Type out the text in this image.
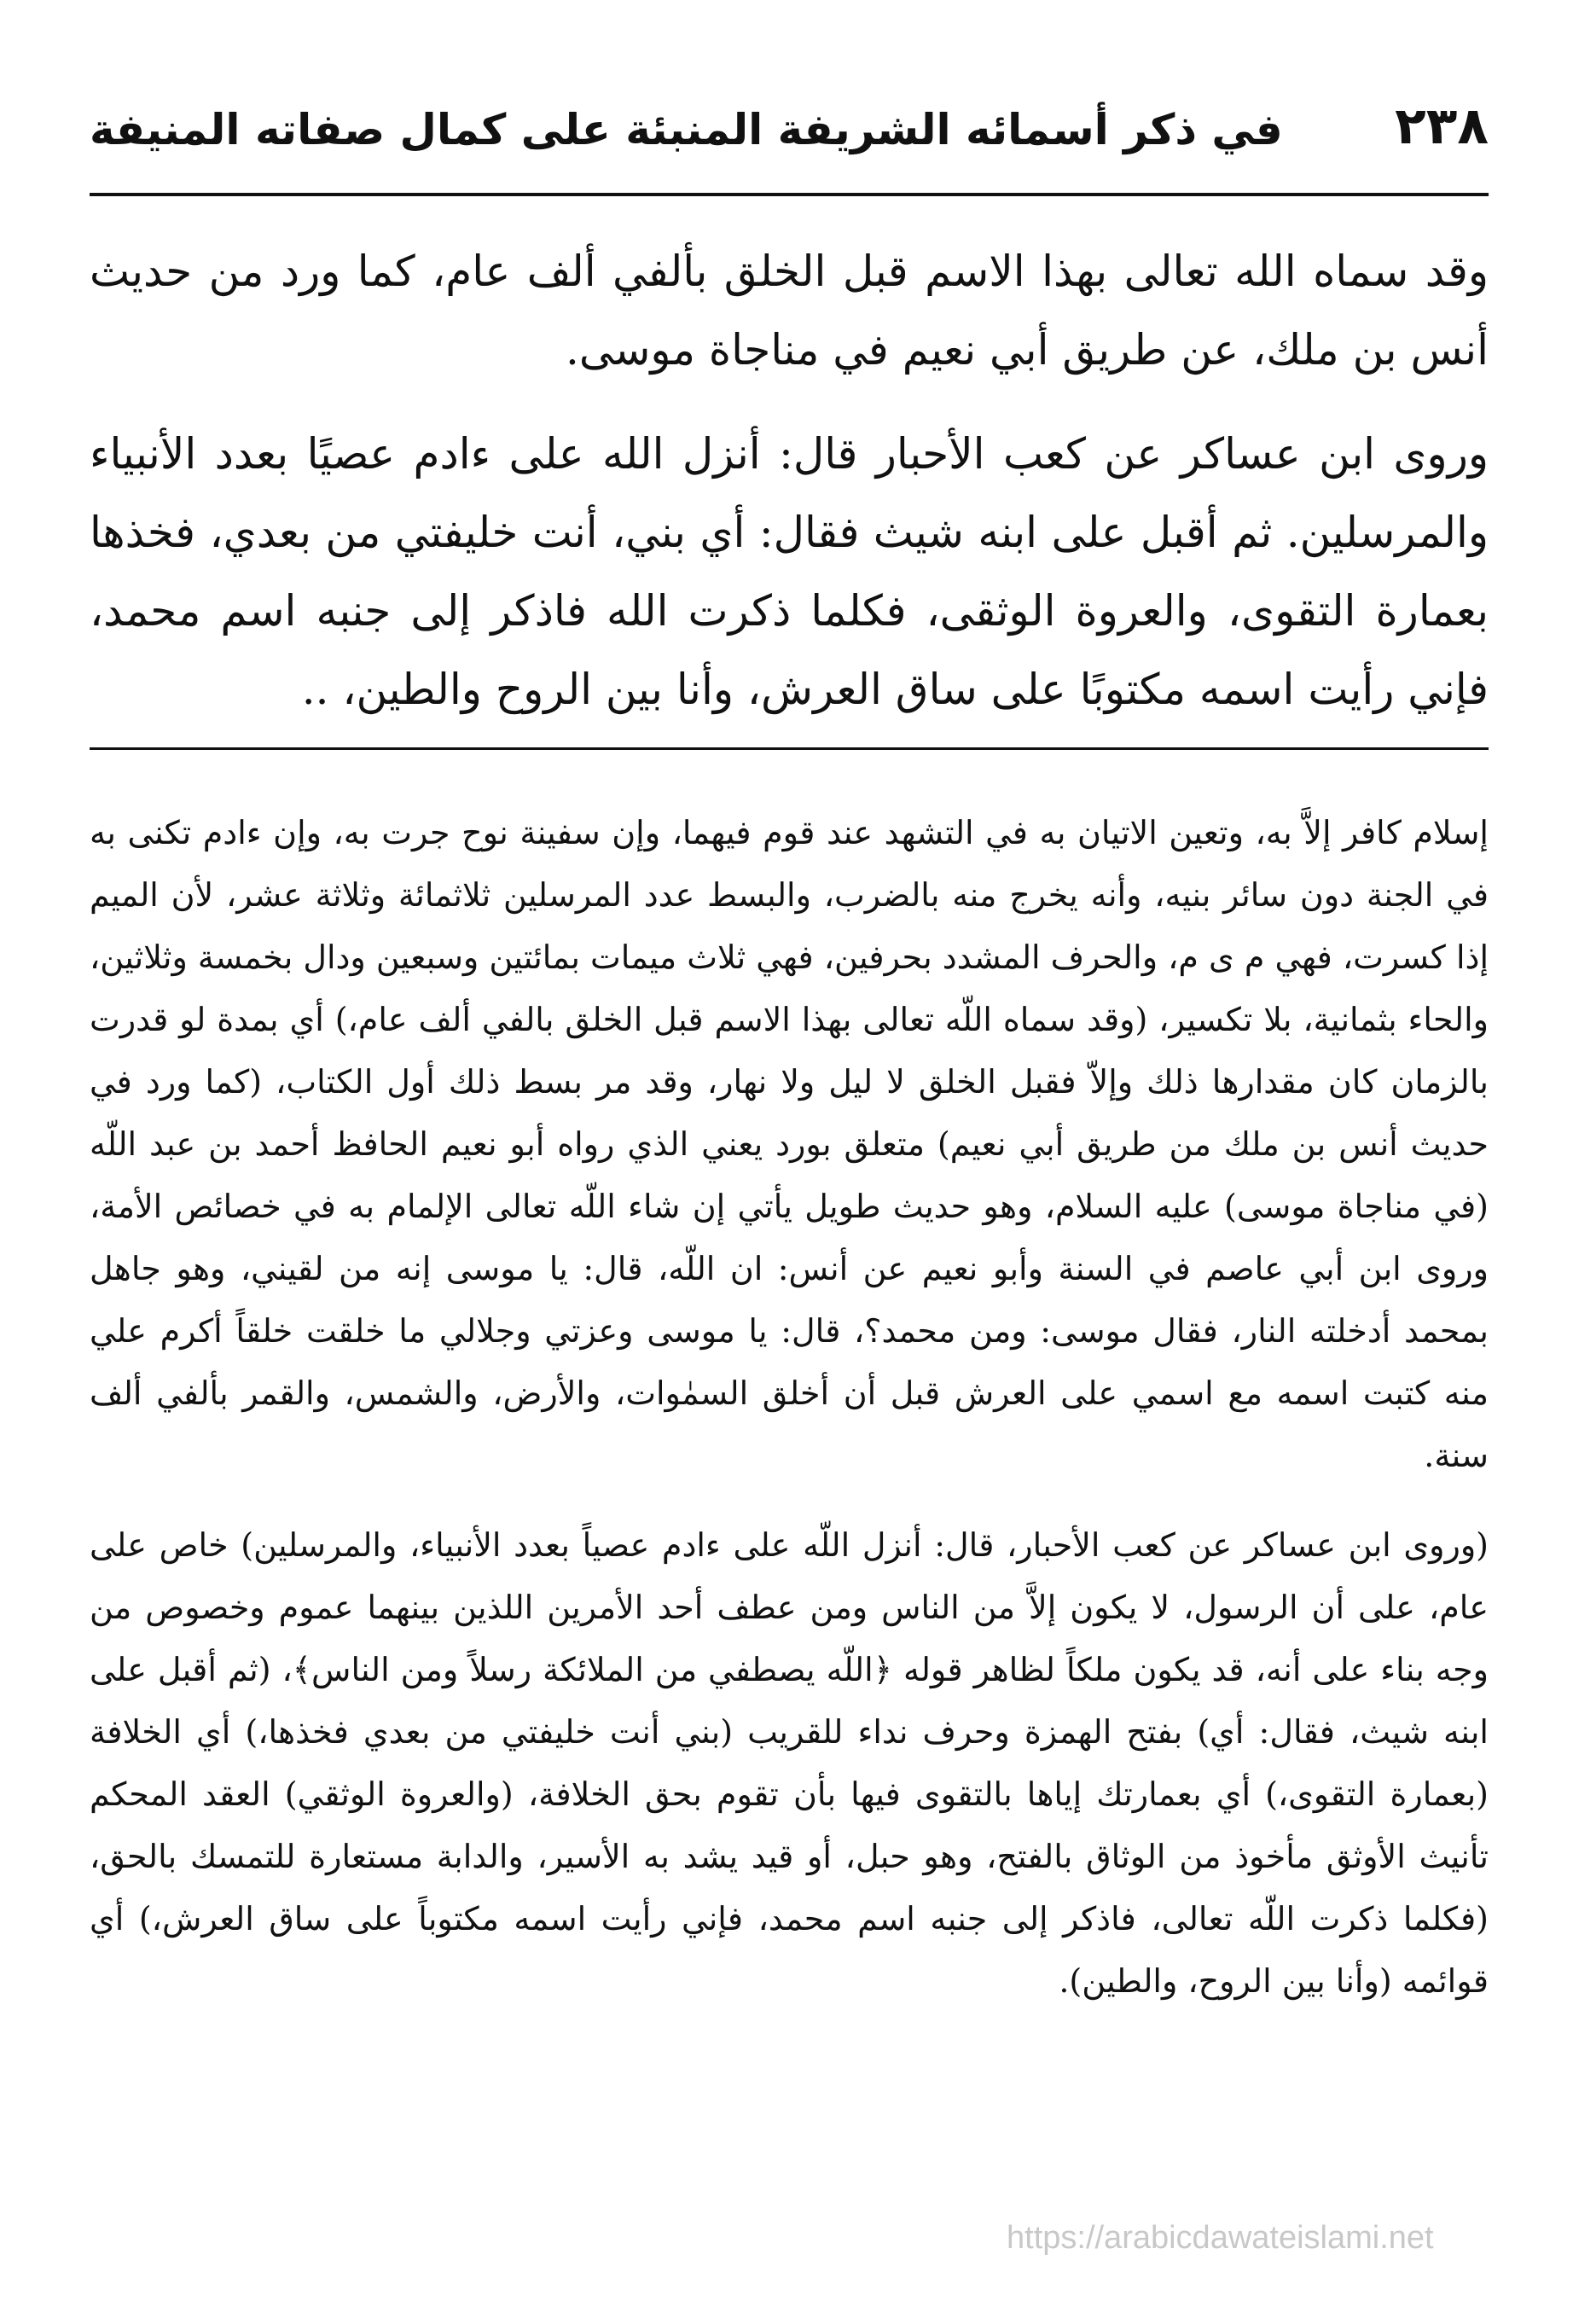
٢٣٨
في ذكر أسمائه الشريفة المنبئة على كمال صفاته المنيفة

وقد سماه الله تعالى بهذا الاسم قبل الخلق بألفي ألف عام، كما ورد من حديث أنس بن ملك، عن طريق أبي نعيم في مناجاة موسى.

وروى ابن عساكر عن كعب الأحبار قال: أنزل الله على ءادم عصيًا بعدد الأنبياء والمرسلين. ثم أقبل على ابنه شيث فقال: أي بني، أنت خليفتي من بعدي، فخذها بعمارة التقوى، والعروة الوثقى، فكلما ذكرت الله فاذكر إلى جنبه اسم محمد، فإني رأيت اسمه مكتوبًا على ساق العرش، وأنا بين الروح والطين، ..

إسلام كافر إلاَّ به، وتعين الاتيان به في التشهد عند قوم فيهما، وإن سفينة نوح جرت به، وإن ءادم تكنى به في الجنة دون سائر بنيه، وأنه يخرج منه بالضرب، والبسط عدد المرسلين ثلاثمائة وثلاثة عشر، لأن الميم إذا كسرت، فهي م ى م، والحرف المشدد بحرفين، فهي ثلاث ميمات بمائتين وسبعين ودال بخمسة وثلاثين، والحاء بثمانية، بلا تكسير، (وقد سماه اللّه تعالى بهذا الاسم قبل الخلق بالفي ألف عام،) أي بمدة لو قدرت بالزمان كان مقدارها ذلك وإلاّ فقبل الخلق لا ليل ولا نهار، وقد مر بسط ذلك أول الكتاب، (كما ورد في حديث أنس بن ملك من طريق أبي نعيم) متعلق بورد يعني الذي رواه أبو نعيم الحافظ أحمد بن عبد اللّه (في مناجاة موسى) عليه السلام، وهو حديث طويل يأتي إن شاء اللّه تعالى الإلمام به في خصائص الأمة، وروى ابن أبي عاصم في السنة وأبو نعيم عن أنس: ان اللّه، قال: يا موسى إنه من لقيني، وهو جاهل بمحمد أدخلته النار، فقال موسى: ومن محمد؟، قال: يا موسى وعزتي وجلالي ما خلقت خلقاً أكرم علي منه كتبت اسمه مع اسمي على العرش قبل أن أخلق السمٰوات، والأرض، والشمس، والقمر بألفي ألف سنة.

(وروى ابن عساكر عن كعب الأحبار، قال: أنزل اللّه على ءادم عصياً بعدد الأنبياء، والمرسلين) خاص على عام، على أن الرسول، لا يكون إلاَّ من الناس ومن عطف أحد الأمرين اللذين بينهما عموم وخصوص من وجه بناء على أنه، قد يكون ملكاً لظاهر قوله ﴿اللّه يصطفي من الملائكة رسلاً ومن الناس﴾، (ثم أقبل على ابنه شيث، فقال: أي) بفتح الهمزة وحرف نداء للقريب (بني أنت خليفتي من بعدي فخذها،) أي الخلافة (بعمارة التقوى،) أي بعمارتك إياها بالتقوى فيها بأن تقوم بحق الخلافة، (والعروة الوثقي) العقد المحكم تأنيث الأوثق مأخوذ من الوثاق بالفتح، وهو حبل، أو قيد يشد به الأسير، والدابة مستعارة للتمسك بالحق، (فكلما ذكرت اللّه تعالى، فاذكر إلى جنبه اسم محمد، فإني رأيت اسمه مكتوباً على ساق العرش،) أي قوائمه (وأنا بين الروح، والطين).

https://arabicdawateislami.net
